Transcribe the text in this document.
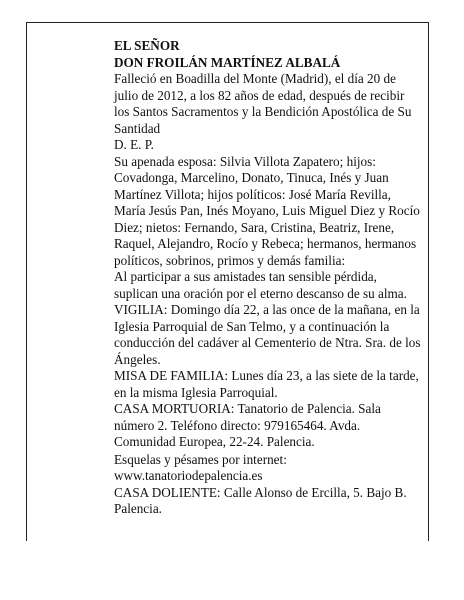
EL SEÑOR

DON FROILÁN MARTÍNEZ ALBALÁ

Falleció en Boadilla del Monte (Madrid), el día 20 de julio de 2012, a los 82 años de edad, después de recibir los Santos Sacramentos y la Bendición Apostólica de Su Santidad

D. E. P.

Su apenada esposa: Silvia Villota Zapatero; hijos: Covadonga, Marcelino, Donato, Tinuca, Inés y Juan Martínez Villota; hijos políticos: José María Revilla, María Jesús Pan, Inés Moyano, Luis Miguel Diez y Rocío Diez; nietos: Fernando, Sara, Cristina, Beatriz, Irene, Raquel, Alejandro, Rocío y Rebeca; hermanos, hermanos políticos, sobrinos, primos y demás familia:

Al participar a sus amistades tan sensible pérdida, suplican una oración por el eterno descanso de su alma.

VIGILIA: Domingo día 22, a las once de la mañana, en la Iglesia Parroquial de San Telmo, y a continuación la conducción del cadáver al Cementerio de Ntra. Sra. de los Ángeles.

MISA DE FAMILIA: Lunes día 23, a las siete de la tarde, en la misma Iglesia Parroquial.

CASA MORTUORIA: Tanatorio de Palencia. Sala número 2. Teléfono directo: 979165464. Avda. Comunidad Europea, 22-24. Palencia.

Esquelas y pésames por internet:

www.tanatoriodepalencia.es

CASA DOLIENTE: Calle Alonso de Ercilla, 5. Bajo B. Palencia.
